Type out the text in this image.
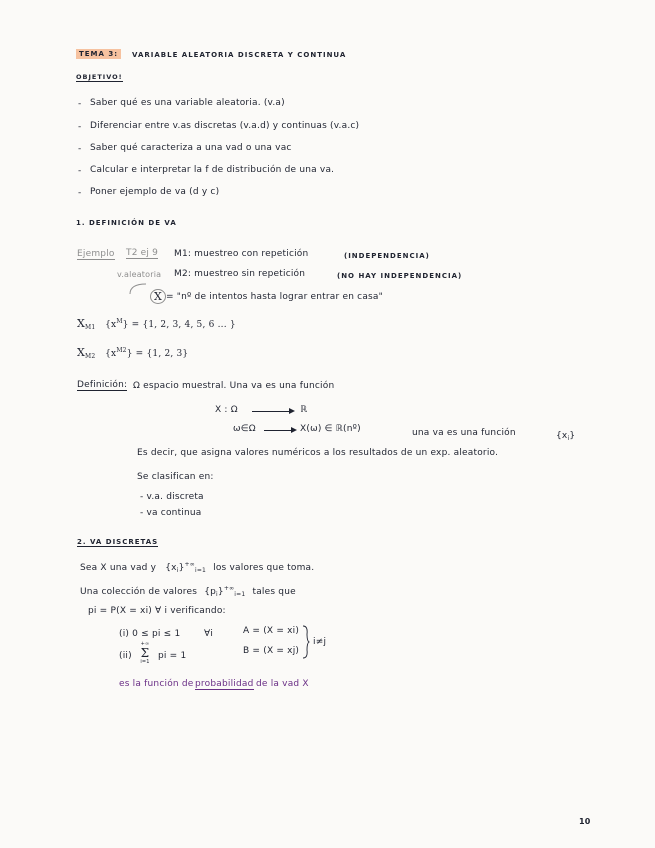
TEMA 3:	VARIABLE ALEATORIA DISCRETA Y CONTINUA
OBJETIVO!
- Saber qué es una variable aleatoria. (v.a)
- Diferenciar entre v.as discretas (v.a.d) y continuas (v.a.c)
- Saber qué caracteriza a una vad o una vac
- Calcular e interpretar la f de distribución de una va.
- Poner ejemplo de va (d y c)
1. DEFINICIÓN DE VA
Ejemplo T2 ej 9 M1: muestreo con repetición	(INDEPENDENCIA)
v.aleatoria M2: muestreo sin repetición	(NO HAY INDEPENDENCIA)
X = "nº de intentos hasta lograr entrar en casa"
$X_{M1}$ $\{x^M\} = \{1$, 2, 3, 4, 5, 6 ... }
$X_{M2}$ $\{x^{M2}\} = \{1$, 2, 3}
Definición: Ω espacio muestral. Una va es una función
X : Ω	ℝ
ω∈Ω	X(ω) ∈ ℝ(nº)	una va es una función	$\{x_i\}$
Es decir, que asigna valores numéricos a los resultados de un exp. aleatorio.
Se clasifican en:
- v.a. discreta
- va continua
2. VA DISCRETAS
Sea X una vad y $\{x_i\}^{+\infty}_{i=1}$ los valores que toma.
Una colección de valores $\{p_i\}^{+\infty}_{i=1}$ tales que
pi = P(X = xi) ∀ i verificando:
(i) 0 ≤ pi ≤ 1	∀i
(ii)
+∞
Σ
i=1
pi = 1
A = (X = xi)
B = (X = xj)
i≠j
es la función de probabilidad de la vad X
10
